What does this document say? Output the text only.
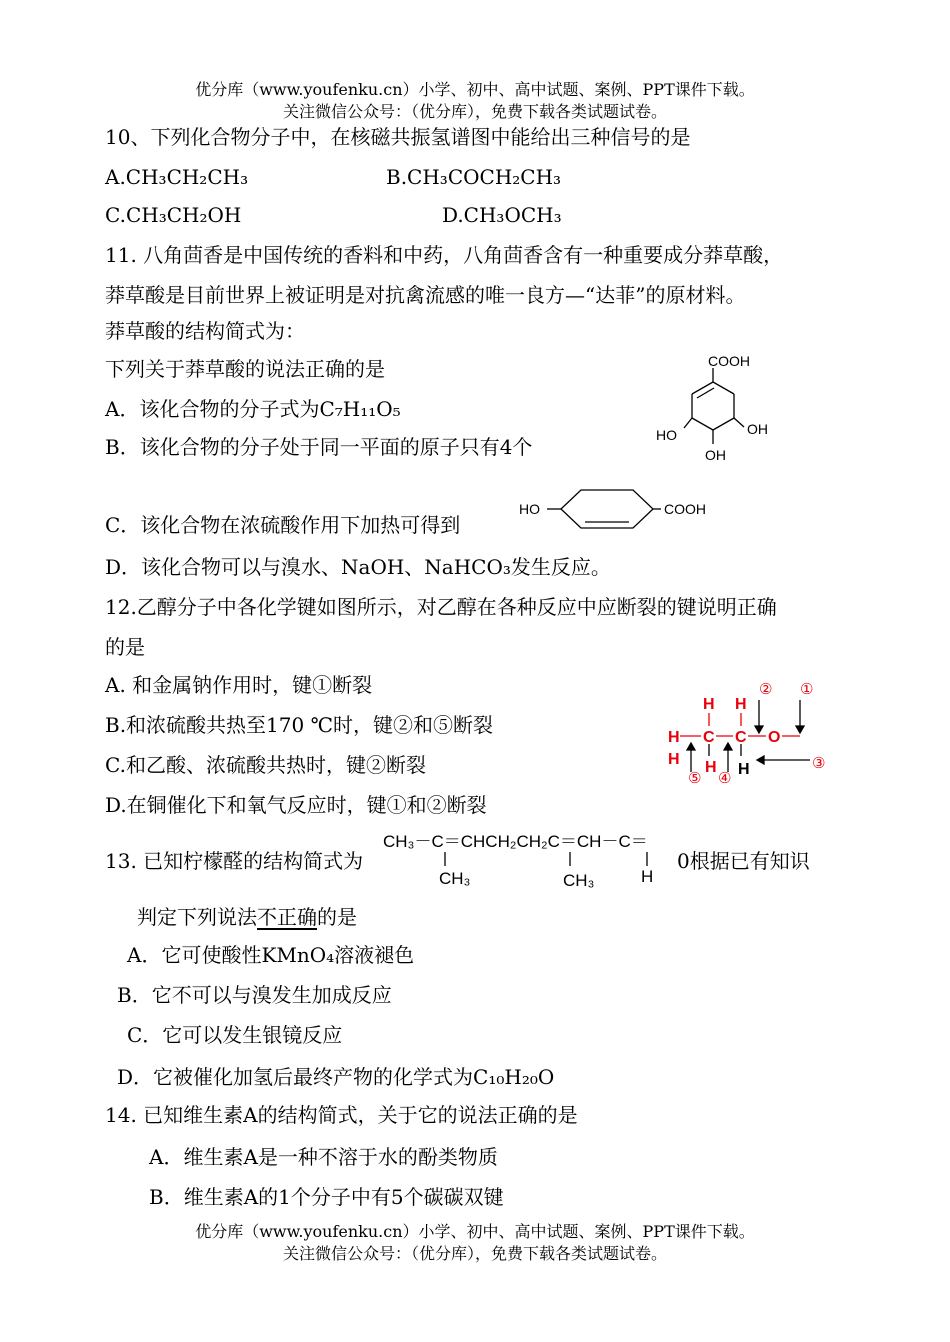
优分库（www.youfenku.cn）小学、初中、高中试题、案例、PPT课件下载。
关注微信公众号：（优分库），免费下载各类试题试卷。
10、下列化合物分子中，在核磁共振氢谱图中能给出三种信号的是
A.CH₃CH₂CH₃	B.CH₃COCH₂CH₃
C.CH₃CH₂OH	D.CH₃OCH₃
11. 八角茴香是中国传统的香料和中药，八角茴香含有一种重要成分莽草酸，
莽草酸是目前世界上被证明是对抗禽流感的唯一良方—“达菲”的原材料。
莽草酸的结构简式为：
下列关于莽草酸的说法正确的是
A．该化合物的分子式为C₇H₁₁O₅
B．该化合物的分子处于同一平面的原子只有4个
C．该化合物在浓硫酸作用下加热可得到
D．该化合物可以与溴水、NaOH、NaHCO₃发生反应。
COOH
HO	OH
OH
HO	COOH
12.乙醇分子中各化学键如图所示，对乙醇在各种反应中应断裂的键说明正确
的是
A. 和金属钠作用时，键①断裂
B.和浓硫酸共热至170 ℃时，键②和⑤断裂
C.和乙酸、浓硫酸共热时，键②断裂
D.在铜催化下和氧气反应时，键①和②断裂
H H
H C C O
H H H
② ①
③
⑤ ④
13. 已知柠檬醛的结构简式为
CH₃－C＝CHCH₂CH₂C＝CH－C＝
CH₃	CH₃	H
0根据已有知识
判定下列说法不正确的是
A．它可使酸性KMnO₄溶液褪色
B．它不可以与溴发生加成反应
C．它可以发生银镜反应
D．它被催化加氢后最终产物的化学式为C₁₀H₂₀O
14. 已知维生素A的结构简式，关于它的说法正确的是
A．维生素A是一种不溶于水的酚类物质
B．维生素A的1个分子中有5个碳碳双键
优分库（www.youfenku.cn）小学、初中、高中试题、案例、PPT课件下载。
关注微信公众号：（优分库），免费下载各类试题试卷。
